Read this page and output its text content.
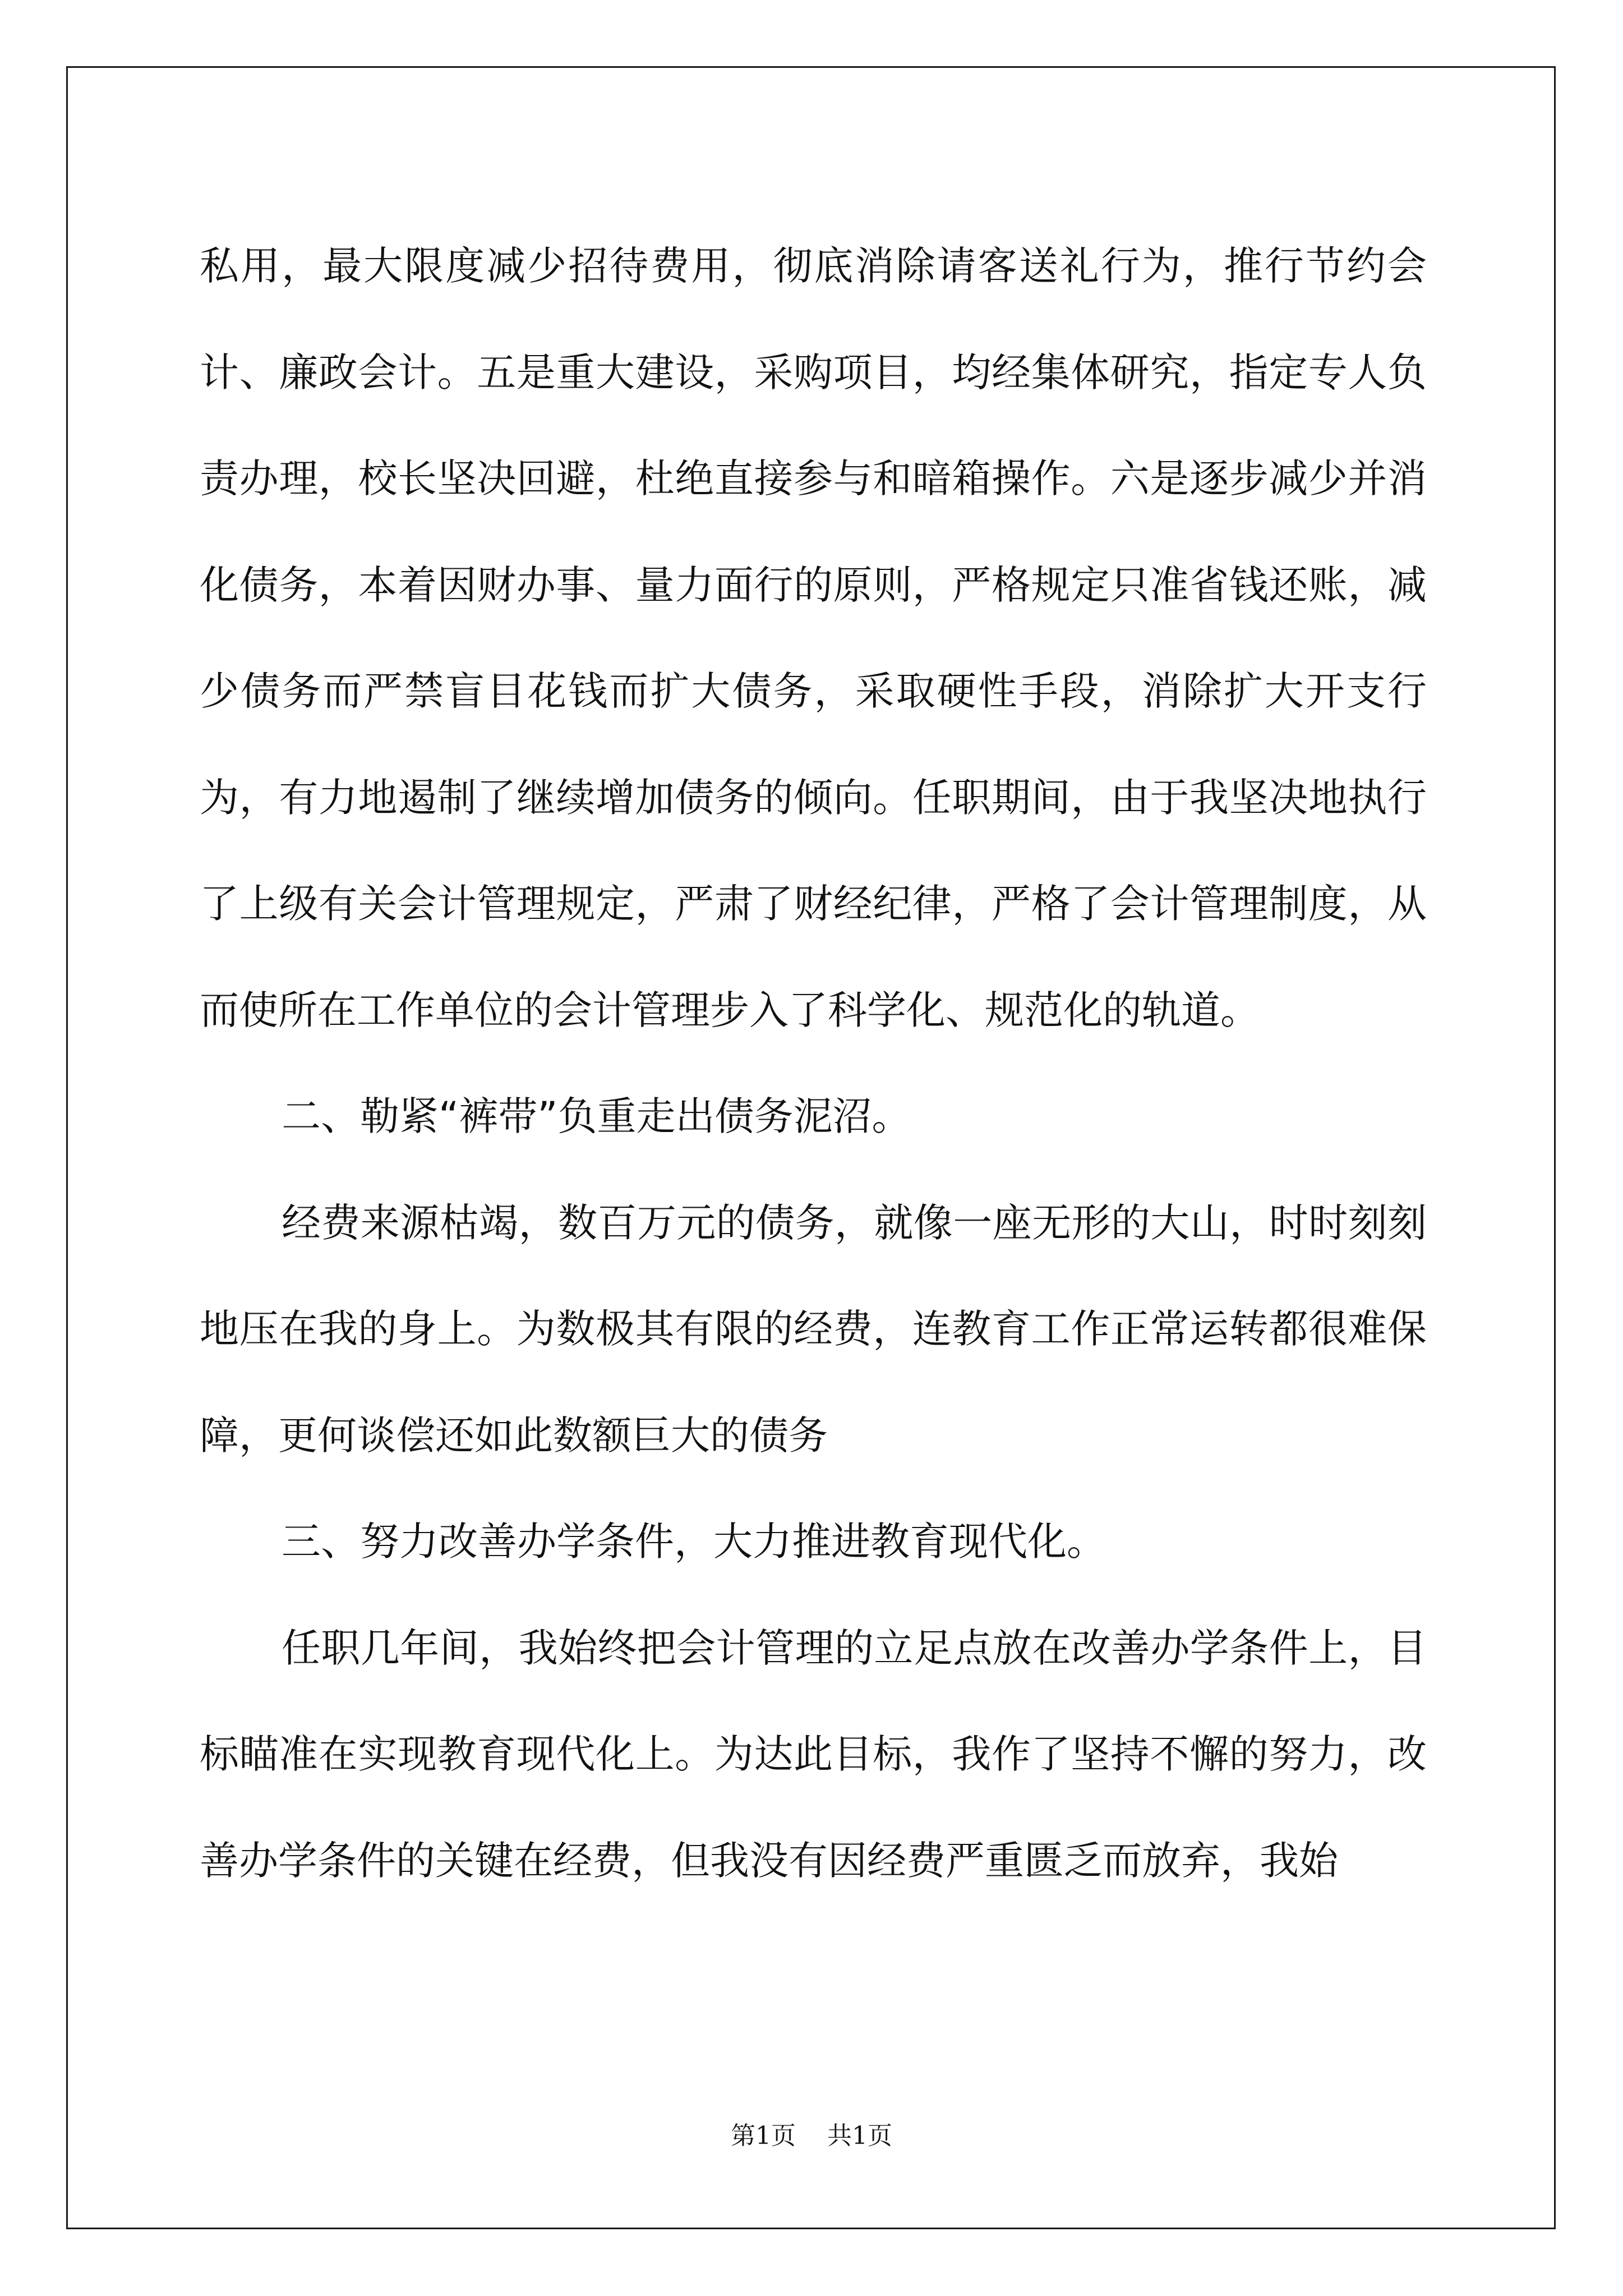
私用，最大限度减少招待费用，彻底消除请客送礼行为，推行节约会计、廉政会计。五是重大建设，采购项目，均经集体研究，指定专人负责办理，校长坚决回避，杜绝直接参与和暗箱操作。六是逐步减少并消化债务，本着因财办事、量力面行的原则，严格规定只准省钱还账，减少债务而严禁盲目花钱而扩大债务，采取硬性手段，消除扩大开支行为，有力地遏制了继续增加债务的倾向。任职期间，由于我坚决地执行了上级有关会计管理规定，严肃了财经纪律，严格了会计管理制度，从而使所在工作单位的会计管理步入了科学化、规范化的轨道。

二、勒紧“裤带”负重走出债务泥沼。

经费来源枯竭，数百万元的债务，就像一座无形的大山，时时刻刻地压在我的身上。为数极其有限的经费，连教育工作正常运转都很难保障，更何谈偿还如此数额巨大的债务

三、努力改善办学条件，大力推进教育现代化。

任职几年间，我始终把会计管理的立足点放在改善办学条件上，目标瞄准在实现教育现代化上。为达此目标，我作了坚持不懈的努力，改善办学条件的关键在经费，但我没有因经费严重匮乏而放弃，我始

第1页 共1页
